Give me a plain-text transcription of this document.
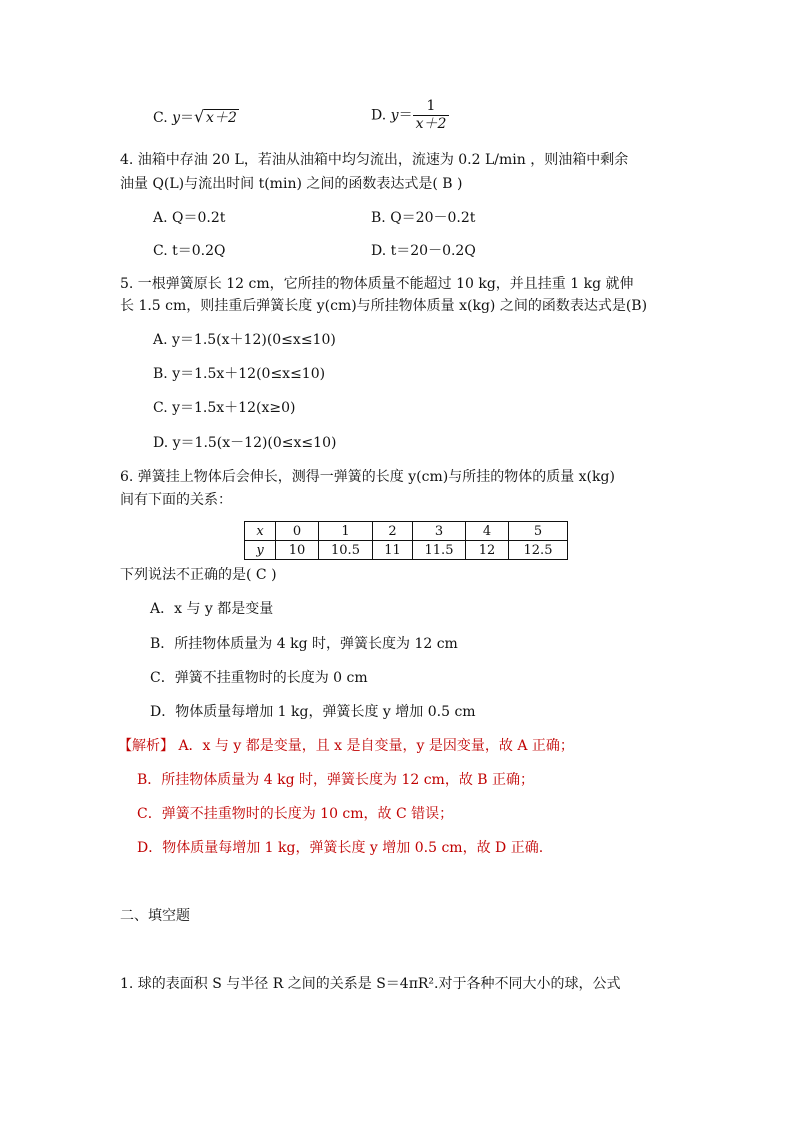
C. y＝ √ x＋2	D. $y= \frac{1}{x+2}$
4. 油箱中存油 20 L，若油从油箱中均匀流出，流速为 0.2 L/min ，则油箱中剩余
油量 Q(L)与流出时间 t(min) 之间的函数表达式是( B )
A. Q＝0.2t	B. Q＝20－0.2t
C. t＝0.2Q	D. t＝20－0.2Q
5. 一根弹簧原长 12 cm，它所挂的物体质量不能超过 10 kg，并且挂重 1 kg 就伸
长 1.5 cm，则挂重后弹簧长度 y(cm)与所挂物体质量 x(kg) 之间的函数表达式是(B)
A. y＝1.5(x＋12)(0≤x≤10)
B. y＝1.5x＋12(0≤x≤10)
C. y＝1.5x＋12(x≥0)
D. y＝1.5(x－12)(0≤x≤10)
6. 弹簧挂上物体后会伸长，测得一弹簧的长度 y(cm)与所挂的物体的质量 x(kg)
间有下面的关系：
x	0	1	2	3	4	5
y	10	10.5	11	11.5	12	12.5
下列说法不正确的是( C )
A．x 与 y 都是变量
B．所挂物体质量为 4 kg 时，弹簧长度为 12 cm
C．弹簧不挂重物时的长度为 0 cm
D．物体质量每增加 1 kg，弹簧长度 y 增加 0.5 cm
【解析】 A．x 与 y 都是变量，且 x 是自变量，y 是因变量，故 A 正确；
B．所挂物体质量为 4 kg 时，弹簧长度为 12 cm，故 B 正确；
C．弹簧不挂重物时的长度为 10 cm，故 C 错误；
D．物体质量每增加 1 kg，弹簧长度 y 增加 0.5 cm，故 D 正确.
二、填空题
1. 球的表面积 S 与半径 R 之间的关系是 S＝4πR².对于各种不同大小的球，公式
